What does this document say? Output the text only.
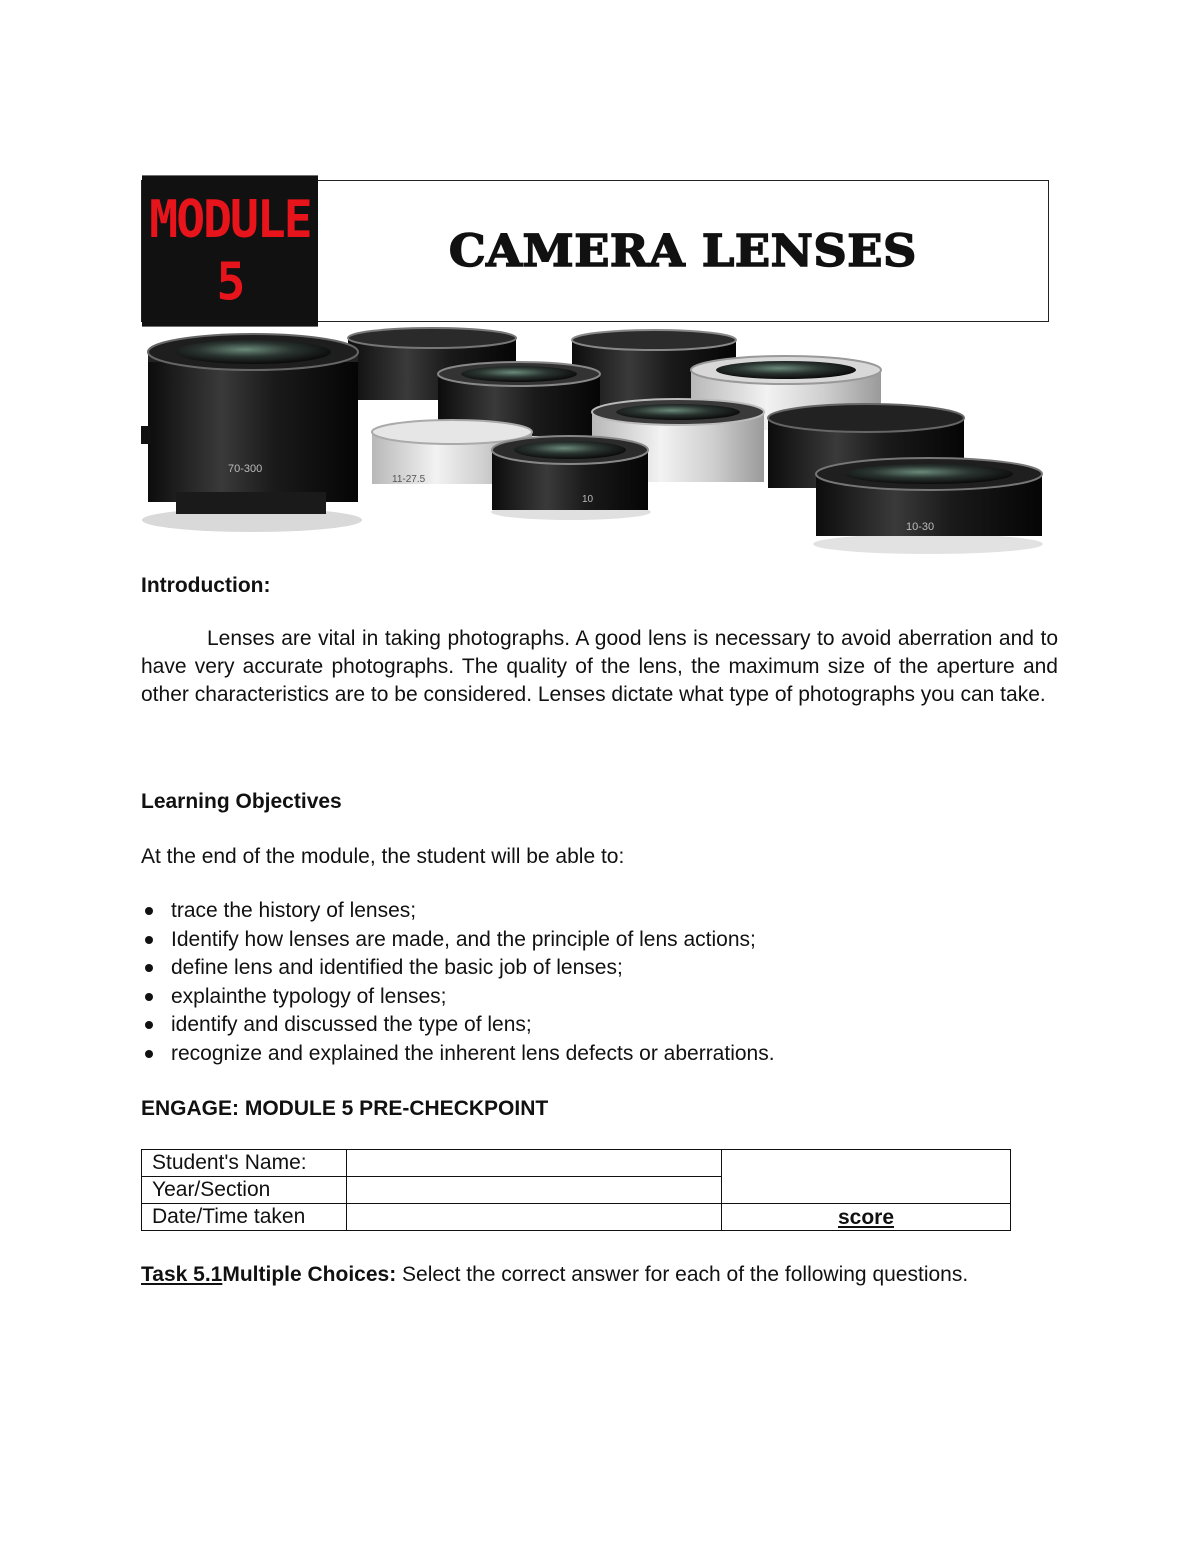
MODULE
5
CAMERA LENSES
11-27.5
70-300
10
10-30
Introduction:
Lenses are vital in taking photographs. A good lens is necessary to avoid aberration and to have very accurate photographs. The quality of the lens, the maximum size of the aperture and other characteristics are to be considered. Lenses dictate what type of photographs you can take.
Learning Objectives
At the end of the module, the student will be able to:
trace the history of lenses;
Identify how lenses are made, and the principle of lens actions;
define lens and identified the basic job of lenses;
explainthe typology of lenses;
identify and discussed the type of lens;
recognize and explained the inherent lens defects or aberrations.
ENGAGE: MODULE 5 PRE-CHECKPOINT
Student's Name:		
Year/Section		
Date/Time taken		score
Task 5.1Multiple Choices: Select the correct answer for each of the following questions.
